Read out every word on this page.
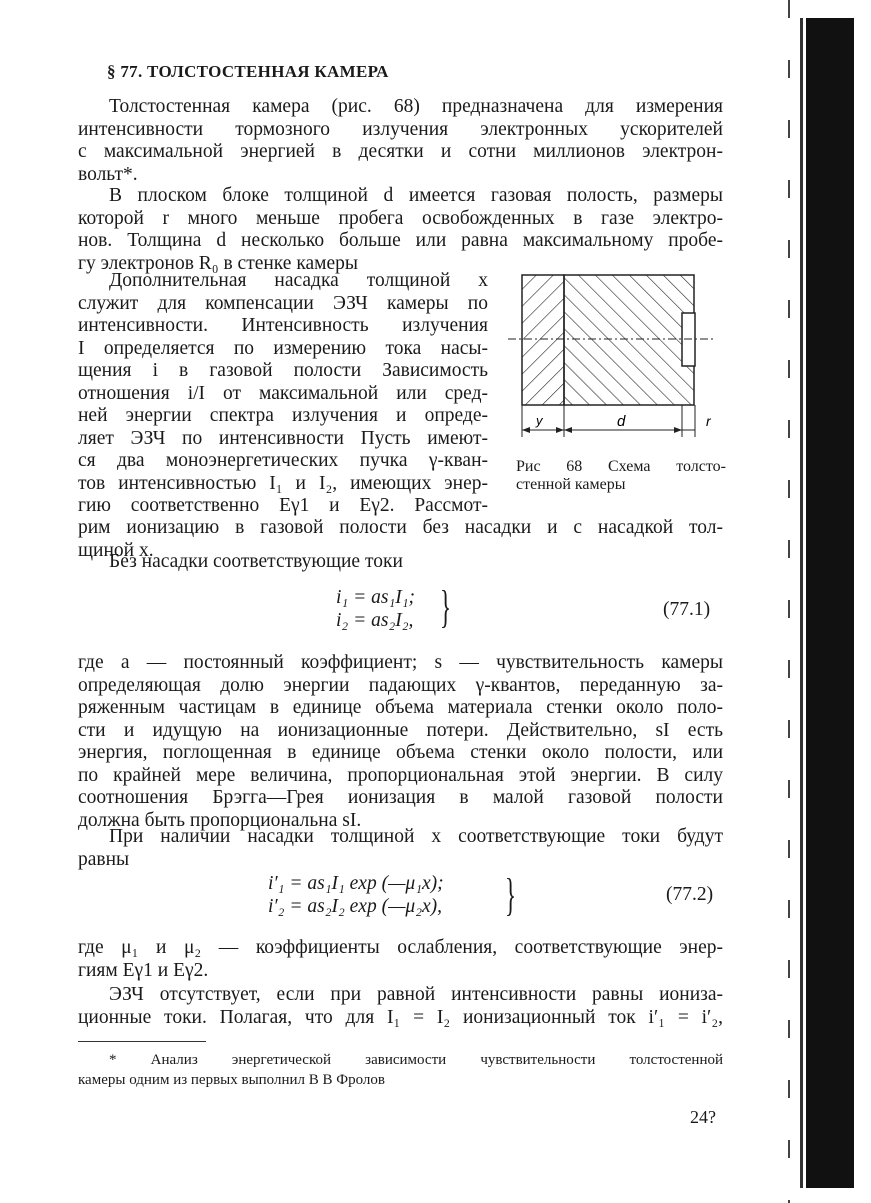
§ 77. ТОЛСТОСТЕННАЯ КАМЕРА
Толстостенная камера (рис. 68) предназначена для измерения
интенсивности тормозного излучения электронных ускорителей
с максимальной энергией в десятки и сотни миллионов электрон-
вольт*.
В плоском блоке толщиной d имеется газовая полость, размеры
которой r много меньше пробега освобожденных в газе электро-
нов. Толщина d несколько больше или равна максимальному пробе-
гу электронов R₀ в стенке камеры
Дополнительная насадка толщиной x
служит для компенсации ЭЗЧ камеры по
интенсивности. Интенсивность излучения
I определяется по измерению тока насы-
щения i в газовой полости Зависимость
отношения i/I от максимальной или сред-
ней энергии спектра излучения и опреде-
ляет ЭЗЧ по интенсивности Пусть имеют-
ся два моноэнергетических пучка γ-кван-
тов интенсивностью I₁ и I₂, имеющих энер-
гию соответственно Eγ1 и Eγ2. Рассмот-
рим ионизацию в газовой полости без насадки и с насадкой тол-
щиной x.
y	d	r
Рис 68 Схема толсто-
стенной камеры
Без насадки соответствующие токи
i₁ = as₁I₁;
i₂ = as₂I₂, }	(77.1)
где a — постоянный коэффициент; s — чувствительность камеры
определяющая долю энергии падающих γ-квантов, переданную за-
ряженным частицам в единице объема материала стенки около поло-
сти и идущую на ионизационные потери. Действительно, sI есть
энергия, поглощенная в единице объема стенки около полости, или
по крайней мере величина, пропорциональная этой энергии. В силу
соотношения Брэгга—Грея ионизация в малой газовой полости
должна быть пропорциональна sI.
При наличии насадки толщиной x соответствующие токи будут
равны
i′₁ = as₁I₁ exp (—μ₁x);
i′₂ = as₂I₂ exp (—μ₂x), }	(77.2)
где μ₁ и μ₂ — коэффициенты ослабления, соответствующие энер-
гиям Eγ1 и Eγ2.
ЭЗЧ отсутствует, если при равной интенсивности равны иониза-
ционные токи. Полагая, что для I₁ = I₂ ионизационный ток i′₁ = i′₂,
* Анализ энергетической зависимости чувствительности толстостенной
камеры одним из первых выполнил В В Фролов
24?
